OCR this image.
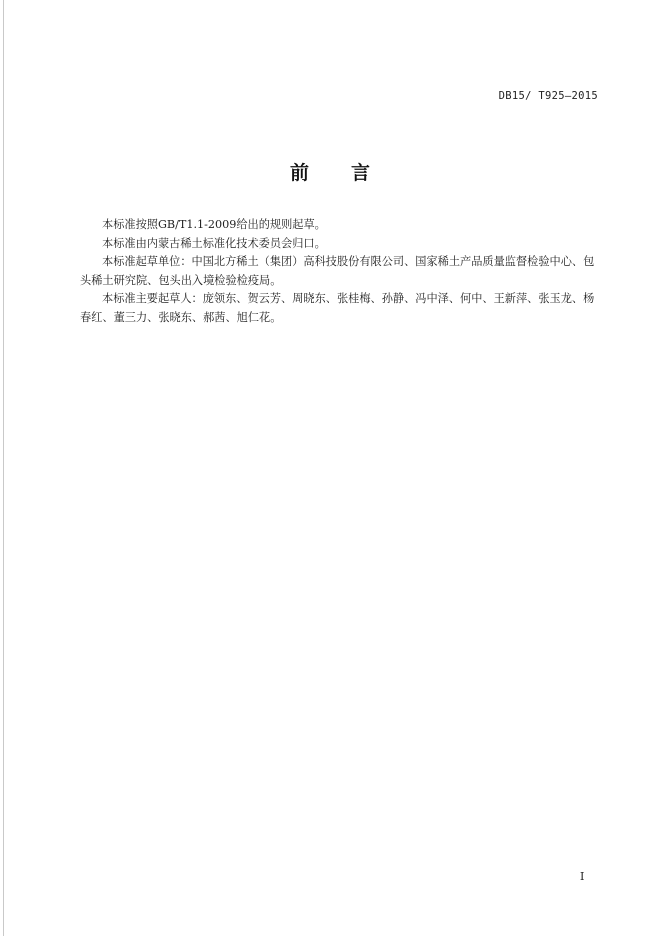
DB15/ T925—2015
前 言

本标准按照GB/T1.1-2009给出的规则起草。

本标准由内蒙古稀土标准化技术委员会归口。

本标准起草单位：中国北方稀土（集团）高科技股份有限公司、国家稀土产品质量监督检验中心、包头稀土研究院、包头出入境检验检疫局。

本标准主要起草人：庞领东、贺云芳、周晓东、张桂梅、孙静、冯中泽、何中、王新萍、张玉龙、杨春红、董三力、张晓东、郝茜、旭仁花。

I
